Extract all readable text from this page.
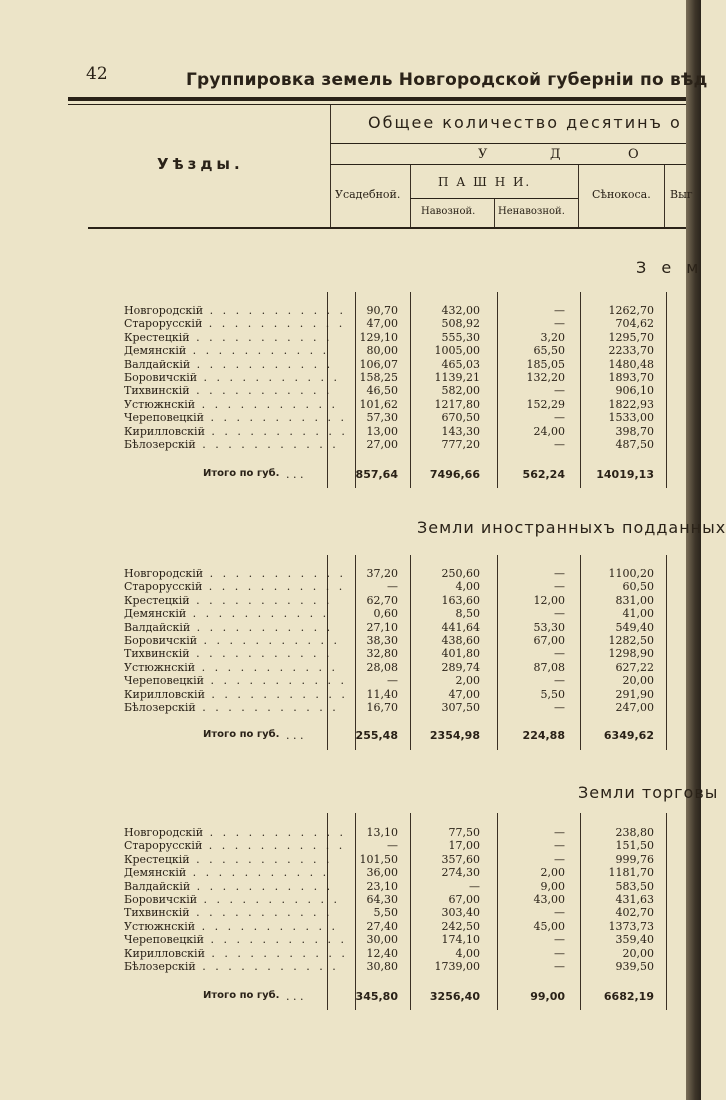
42	Группировка земель Новгородской губернiи по вѣд
Уѣзды.
Общее количество десятинъ о
У	Д	О
Усадебной.
П А Ш Н И.
Навозной. Ненавозной.
Сѣнокоса. Выг
З е м
Новгородскій . . . . . . . . . . . 90,70	432,00	—	1262,70
Старорусскій . . . . . . . . . . . 47,00	508,92	—	704,62
Крестецкій . . . . . . . . . . . 129,10	555,30	3,20	1295,70
Демянскій . . . . . . . . . . .	80,00	1005,00	65,50	2233,70
Валдайскій . . . . . . . . . . . 106,07	465,03	185,05	1480,48
Боровичскій . . . . . . . . . . . 158,25	1139,21	132,20	1893,70
Тихвинскій . . . . . . . . . . .	46,50	582,00	—	906,10
Устюжнскій . . . . . . . . . . . 101,62	1217,80	152,29	1822,93
Череповецкій . . . . . . . . . . . 57,30	670,50	—	1533,00
Кирилловскій . . . . . . . . . . . 13,00	143,30	24,00	398,70
Бѣлозерскій . . . . . . . . . . .	27,00	777,20	—	487,50
Итого по губ. . . .	857,64	7496,66	562,24	14019,13
Земли иностранныхъ подданных
Новгородскій . . . . . . . . . . . 37,20	250,60	—	1100,20
Старорусскій . . . . . . . . . . .	—	4,00	—	60,50
Крестецкій . . . . . . . . . . .	62,70	163,60	12,00	831,00
Демянскій . . . . . . . . . . .	0,60	8,50	—	41,00
Валдайскій . . . . . . . . . . .	27,10	441,64	53,30	549,40
Боровичскій . . . . . . . . . . . 38,30	438,60	67,00	1282,50
Тихвинскій . . . . . . . . . . .	32,80	401,80	—	1298,90
Устюжнскій . . . . . . . . . . .	28,08	289,74	87,08	627,22
Череповецкій . . . . . . . . . . .	—	2,00	—	20,00
Кирилловскій . . . . . . . . . . . 11,40	47,00	5,50	291,90
Бѣлозерскій . . . . . . . . . . .	16,70	307,50	—	247,00
Итого по губ. . . .	255,48	2354,98	224,88	6349,62
Земли торговы
Новгородскій . . . . . . . . . . . 13,10	77,50	—	238,80
Старорусскій . . . . . . . . . . .	—	17,00	—	151,50
Крестецкій . . . . . . . . . . . 101,50	357,60	—	999,76
Демянскій . . . . . . . . . . .	36,00	274,30	2,00	1181,70
Валдайскій . . . . . . . . . . .	23,10	—	9,00	583,50
Боровичскій . . . . . . . . . . . 64,30	67,00	43,00	431,63
Тихвинскій . . . . . . . . . . .	5,50	303,40	—	402,70
Устюжнскій . . . . . . . . . . .	27,40	242,50	45,00	1373,73
Череповецкій . . . . . . . . . . . 30,00	174,10	—	359,40
Кирилловскій . . . . . . . . . . . 12,40	4,00	—	20,00
Бѣлозерскій . . . . . . . . . . .	30,80	1739,00	—	939,50
Итого по губ. . . .	345,80	3256,40	99,00	6682,19
